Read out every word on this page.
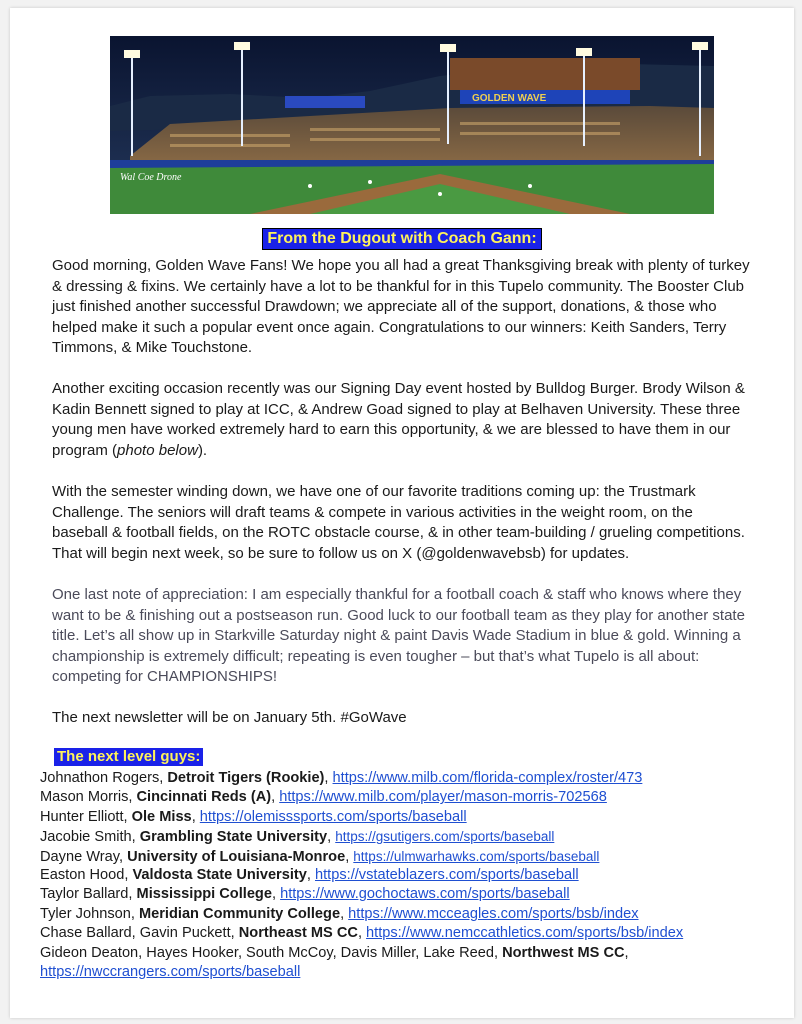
GOLDEN WAVE
Wal Coe Drone
From the Dugout with Coach Gann:

Good morning, Golden Wave Fans! We hope you all had a great Thanksgiving break with plenty of turkey & dressing & fixins. We certainly have a lot to be thankful for in this Tupelo community. The Booster Club just finished another successful Drawdown; we appreciate all of the support, donations, & those who helped make it such a popular event once again. Congratulations to our winners: Keith Sanders, Terry Timmons, & Mike Touchstone.

Another exciting occasion recently was our Signing Day event hosted by Bulldog Burger. Brody Wilson & Kadin Bennett signed to play at ICC, & Andrew Goad signed to play at Belhaven University. These three young men have worked extremely hard to earn this opportunity, & we are blessed to have them in our program (photo below).

With the semester winding down, we have one of our favorite traditions coming up: the Trustmark Challenge. The seniors will draft teams & compete in various activities in the weight room, on the baseball & football fields, on the ROTC obstacle course, & in other team-building / grueling competitions. That will begin next week, so be sure to follow us on X (@goldenwavebsb) for updates.

One last note of appreciation: I am especially thankful for a football coach & staff who knows where they want to be & finishing out a postseason run. Good luck to our football team as they play for another state title. Let’s all show up in Starkville Saturday night & paint Davis Wade Stadium in blue & gold. Winning a championship is extremely difficult; repeating is even tougher – but that’s what Tupelo is all about: competing for CHAMPIONSHIPS!

The next newsletter will be on January 5th. #GoWave

The next level guys:
Johnathon Rogers, Detroit Tigers (Rookie), https://www.milb.com/florida-complex/roster/473
Mason Morris, Cincinnati Reds (A), https://www.milb.com/player/mason-morris-702568
Hunter Elliott, Ole Miss, https://olemisssports.com/sports/baseball
Jacobie Smith, Grambling State University, https://gsutigers.com/sports/baseball
Dayne Wray, University of Louisiana-Monroe, https://ulmwarhawks.com/sports/baseball
Easton Hood, Valdosta State University, https://vstateblazers.com/sports/baseball
Taylor Ballard, Mississippi College, https://www.gochoctaws.com/sports/baseball
Tyler Johnson, Meridian Community College, https://www.mcceagles.com/sports/bsb/index
Chase Ballard, Gavin Puckett, Northeast MS CC, https://www.nemccathletics.com/sports/bsb/index
Gideon Deaton, Hayes Hooker, South McCoy, Davis Miller, Lake Reed, Northwest MS CC,
https://nwccrangers.com/sports/baseball
